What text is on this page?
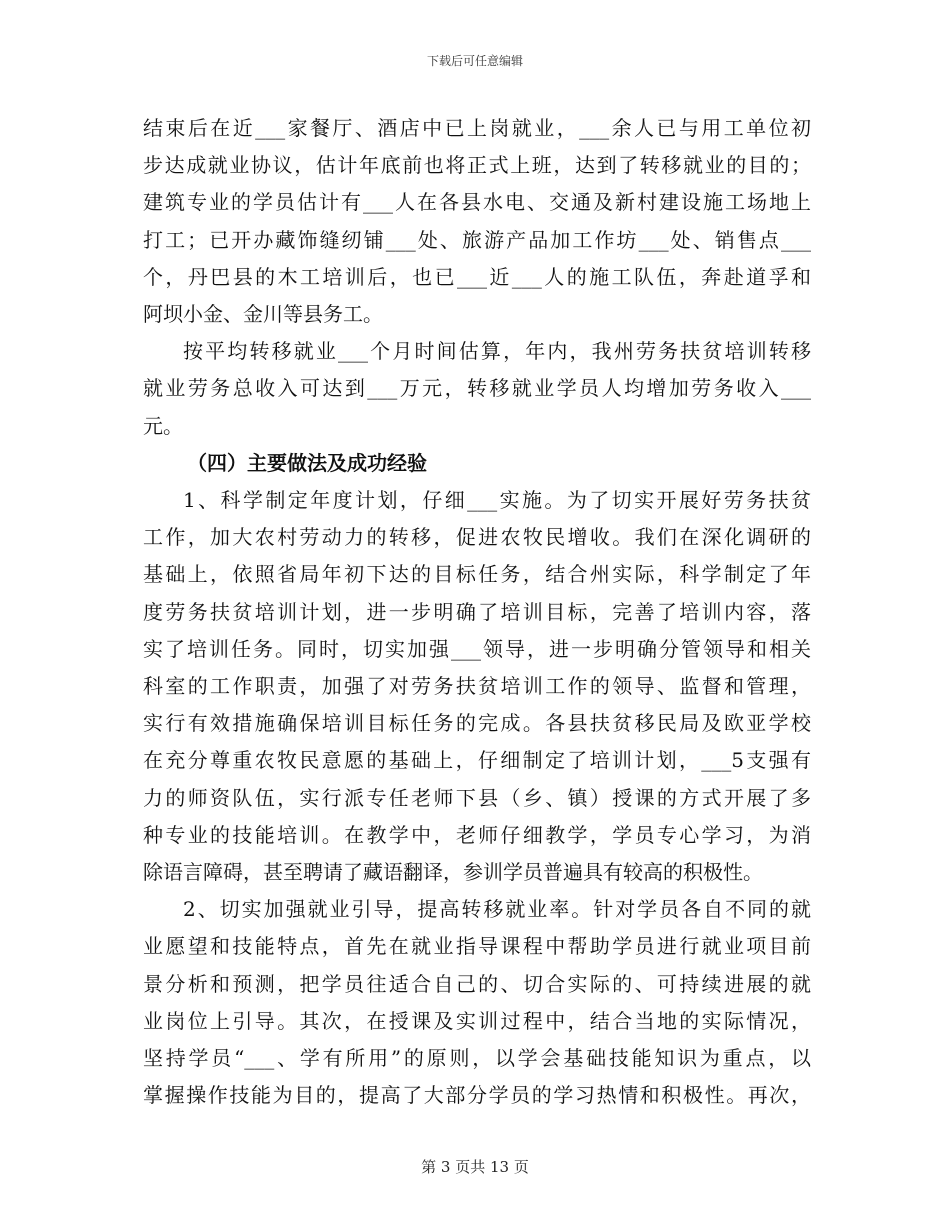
下载后可任意编辑

结束后在近___家餐厅、酒店中已上岗就业，___余人已与用工单位初
步达成就业协议，估计年底前也将正式上班，达到了转移就业的目的；
建筑专业的学员估计有___人在各县水电、交通及新村建设施工场地上
打工；已开办藏饰缝纫铺___处、旅游产品加工作坊___处、销售点___
个，丹巴县的木工培训后，也已___近___人的施工队伍，奔赴道孚和
阿坝小金、金川等县务工。

按平均转移就业___个月时间估算，年内，我州劳务扶贫培训转移
就业劳务总收入可达到___万元，转移就业学员人均增加劳务收入___
元。

（四）主要做法及成功经验

1、科学制定年度计划，仔细___实施。为了切实开展好劳务扶贫
工作，加大农村劳动力的转移，促进农牧民增收。我们在深化调研的
基础上，依照省局年初下达的目标任务，结合州实际，科学制定了年
度劳务扶贫培训计划，进一步明确了培训目标，完善了培训内容，落
实了培训任务。同时，切实加强___领导，进一步明确分管领导和相关
科室的工作职责，加强了对劳务扶贫培训工作的领导、监督和管理，
实行有效措施确保培训目标任务的完成。各县扶贫移民局及欧亚学校
在充分尊重农牧民意愿的基础上，仔细制定了培训计划，___5支强有
力的师资队伍，实行派专任老师下县（乡、镇）授课的方式开展了多
种专业的技能培训。在教学中，老师仔细教学，学员专心学习，为消
除语言障碍，甚至聘请了藏语翻译，参训学员普遍具有较高的积极性。

2、切实加强就业引导，提高转移就业率。针对学员各自不同的就
业愿望和技能特点，首先在就业指导课程中帮助学员进行就业项目前
景分析和预测，把学员往适合自己的、切合实际的、可持续进展的就
业岗位上引导。其次，在授课及实训过程中，结合当地的实际情况，
坚持学员“___、学有所用”的原则，以学会基础技能知识为重点，以
掌握操作技能为目的，提高了大部分学员的学习热情和积极性。再次，

第 3 页共 13 页
